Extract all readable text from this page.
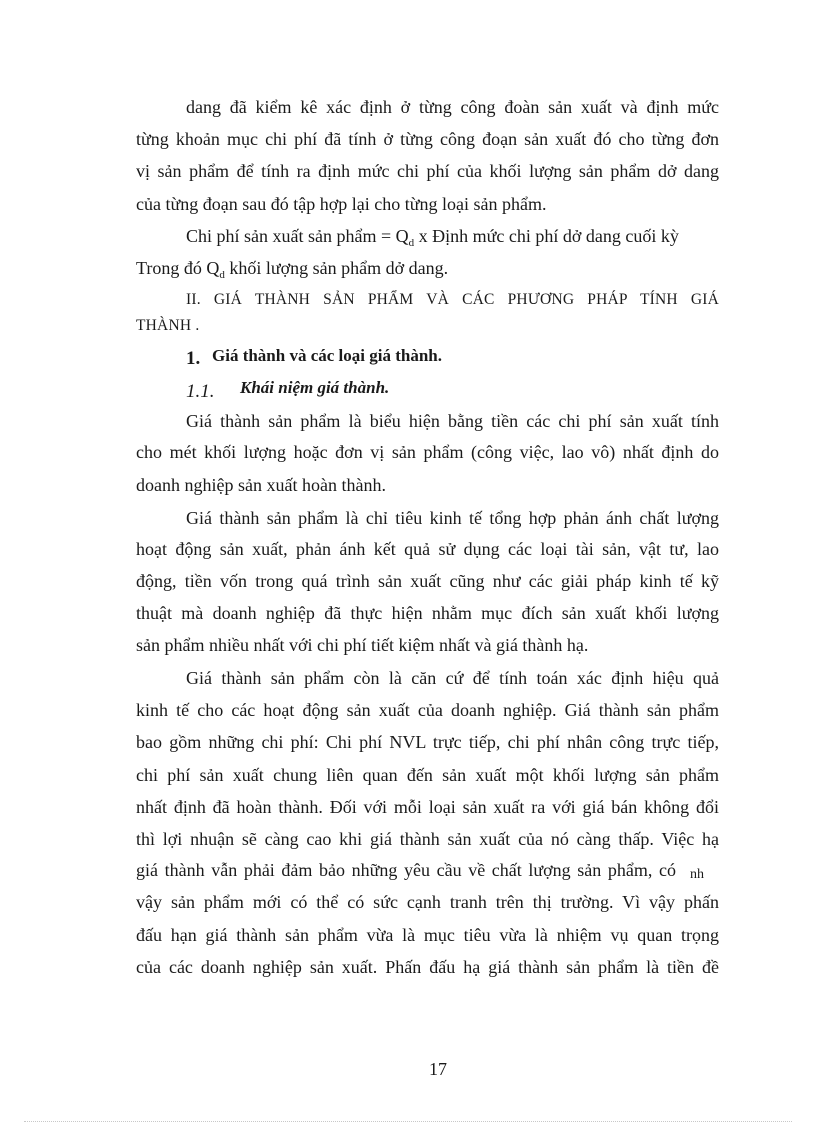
dang đã kiểm kê xác định ở từng công đoàn sản xuất và định mức
từng khoản mục chi phí đã tính ở từng công đoạn sản xuất đó cho từng đơn
vị sản phẩm để tính ra định mức chi phí của khối lượng sản phẩm dở dang
của từng đoạn sau đó tập hợp lại cho từng loại sản phẩm.
Chi phí sản xuất sản phẩm = $Q_d$ x Định mức chi phí dở dang cuối kỳ
Trong đó $Q_d$ khối lượng sản phẩm dở dang.
II. GIÁ THÀNH SẢN PHẨM VÀ CÁC PHƯƠNG PHÁP TÍNH GIÁ
THÀNH .
1. Giá thành và các loại giá thành.
1.1. Khái niệm giá thành.
Giá thành sản phẩm là biểu hiện bằng tiền các chi phí sản xuất tính
cho mét khối lượng hoặc đơn vị sản phẩm (công việc, lao vô) nhất định do
doanh nghiệp sản xuất hoàn thành.
Giá thành sản phẩm là chỉ tiêu kinh tế tổng hợp phản ánh chất lượng
hoạt động sản xuất, phản ánh kết quả sử dụng các loại tài sản, vật tư, lao
động, tiền vốn trong quá trình sản xuất cũng như các giải pháp kinh tế kỹ
thuật mà doanh nghiệp đã thực hiện nhằm mục đích sản xuất khối lượng
sản phẩm nhiều nhất với chi phí tiết kiệm nhất và giá thành hạ.
Giá thành sản phẩm còn là căn cứ để tính toán xác định hiệu quả
kinh tế cho các hoạt động sản xuất của doanh nghiệp. Giá thành sản phẩm
bao gồm những chi phí: Chi phí NVL trực tiếp, chi phí nhân công trực tiếp,
chi phí sản xuất chung liên quan đến sản xuất một khối lượng sản phẩm
nhất định đã hoàn thành. Đối với mỗi loại sản xuất ra với giá bán không đổi
thì lợi nhuận sẽ càng cao khi giá thành sản xuất của nó càng thấp. Việc hạ
giá thành vẫn phải đảm bảo những yêu cầu về chất lượng sản phẩm, có nh
vậy sản phẩm mới có thể có sức cạnh tranh trên thị trường. Vì vậy phấn
đấu hạn giá thành sản phẩm vừa là mục tiêu vừa là nhiệm vụ quan trọng
của các doanh nghiệp sản xuất. Phấn đấu hạ giá thành sản phẩm là tiền đề
17
